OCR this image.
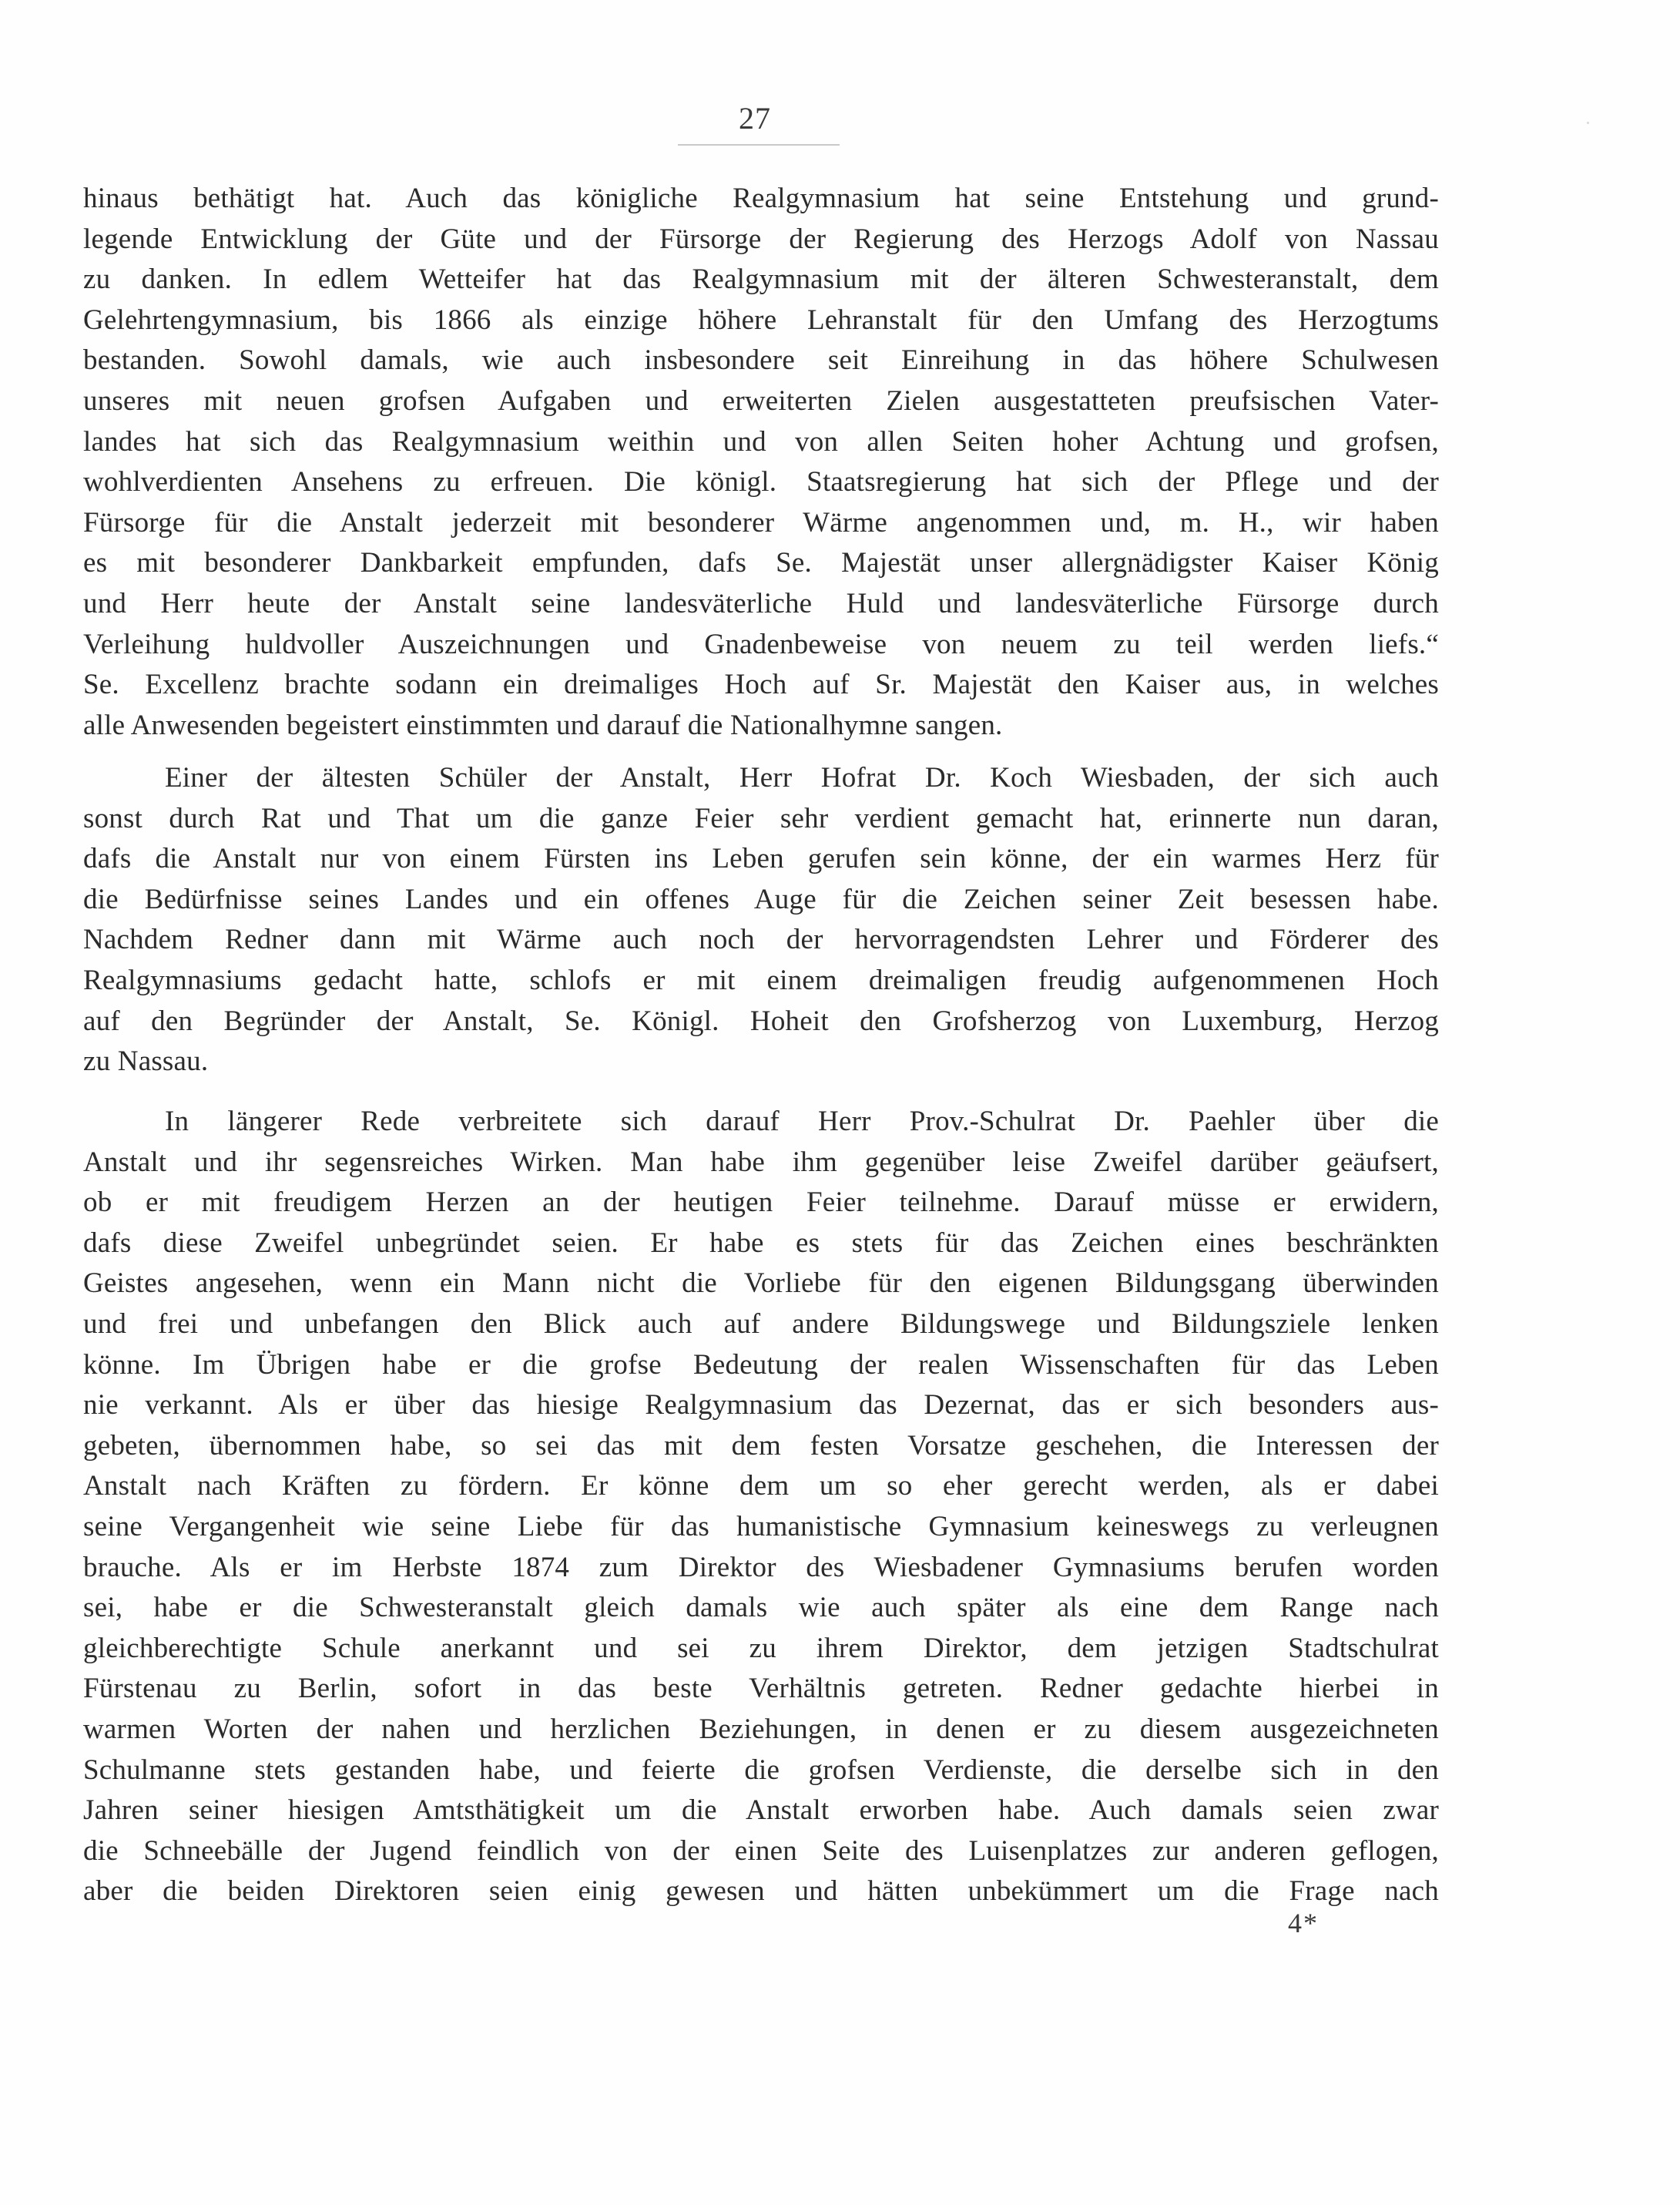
27
hinaus bethätigt hat. Auch das königliche Realgymnasium hat seine Entstehung und grund-
legende Entwicklung der Güte und der Fürsorge der Regierung des Herzogs Adolf von Nassau
zu danken. In edlem Wetteifer hat das Realgymnasium mit der älteren Schwesteranstalt, dem
Gelehrtengymnasium, bis 1866 als einzige höhere Lehranstalt für den Umfang des Herzogtums
bestanden. Sowohl damals, wie auch insbesondere seit Einreihung in das höhere Schulwesen
unseres mit neuen grofsen Aufgaben und erweiterten Zielen ausgestatteten preufsischen Vater-
landes hat sich das Realgymnasium weithin und von allen Seiten hoher Achtung und grofsen,
wohlverdienten Ansehens zu erfreuen. Die königl. Staatsregierung hat sich der Pflege und der
Fürsorge für die Anstalt jederzeit mit besonderer Wärme angenommen und, m. H., wir haben
es mit besonderer Dankbarkeit empfunden, dafs Se. Majestät unser allergnädigster Kaiser König
und Herr heute der Anstalt seine landesväterliche Huld und landesväterliche Fürsorge durch
Verleihung huldvoller Auszeichnungen und Gnadenbeweise von neuem zu teil werden liefs.“
Se. Excellenz brachte sodann ein dreimaliges Hoch auf Sr. Majestät den Kaiser aus, in welches
alle Anwesenden begeistert einstimmten und darauf die Nationalhymne sangen.
Einer der ältesten Schüler der Anstalt, Herr Hofrat Dr. Koch Wiesbaden, der sich auch
sonst durch Rat und That um die ganze Feier sehr verdient gemacht hat, erinnerte nun daran,
dafs die Anstalt nur von einem Fürsten ins Leben gerufen sein könne, der ein warmes Herz für
die Bedürfnisse seines Landes und ein offenes Auge für die Zeichen seiner Zeit besessen habe.
Nachdem Redner dann mit Wärme auch noch der hervorragendsten Lehrer und Förderer des
Realgymnasiums gedacht hatte, schlofs er mit einem dreimaligen freudig aufgenommenen Hoch
auf den Begründer der Anstalt, Se. Königl. Hoheit den Grofsherzog von Luxemburg, Herzog
zu Nassau.
In längerer Rede verbreitete sich darauf Herr Prov.-Schulrat Dr. Paehler über die
Anstalt und ihr segensreiches Wirken. Man habe ihm gegenüber leise Zweifel darüber geäufsert,
ob er mit freudigem Herzen an der heutigen Feier teilnehme. Darauf müsse er erwidern,
dafs diese Zweifel unbegründet seien. Er habe es stets für das Zeichen eines beschränkten
Geistes angesehen, wenn ein Mann nicht die Vorliebe für den eigenen Bildungsgang überwinden
und frei und unbefangen den Blick auch auf andere Bildungswege und Bildungsziele lenken
könne. Im Übrigen habe er die grofse Bedeutung der realen Wissenschaften für das Leben
nie verkannt. Als er über das hiesige Realgymnasium das Dezernat, das er sich besonders aus-
gebeten, übernommen habe, so sei das mit dem festen Vorsatze geschehen, die Interessen der
Anstalt nach Kräften zu fördern. Er könne dem um so eher gerecht werden, als er dabei
seine Vergangenheit wie seine Liebe für das humanistische Gymnasium keineswegs zu verleugnen
brauche. Als er im Herbste 1874 zum Direktor des Wiesbadener Gymnasiums berufen worden
sei, habe er die Schwesteranstalt gleich damals wie auch später als eine dem Range nach
gleichberechtigte Schule anerkannt und sei zu ihrem Direktor, dem jetzigen Stadtschulrat
Fürstenau zu Berlin, sofort in das beste Verhältnis getreten. Redner gedachte hierbei in
warmen Worten der nahen und herzlichen Beziehungen, in denen er zu diesem ausgezeichneten
Schulmanne stets gestanden habe, und feierte die grofsen Verdienste, die derselbe sich in den
Jahren seiner hiesigen Amtsthätigkeit um die Anstalt erworben habe. Auch damals seien zwar
die Schneebälle der Jugend feindlich von der einen Seite des Luisenplatzes zur anderen geflogen,
aber die beiden Direktoren seien einig gewesen und hätten unbekümmert um die Frage nach
4*
